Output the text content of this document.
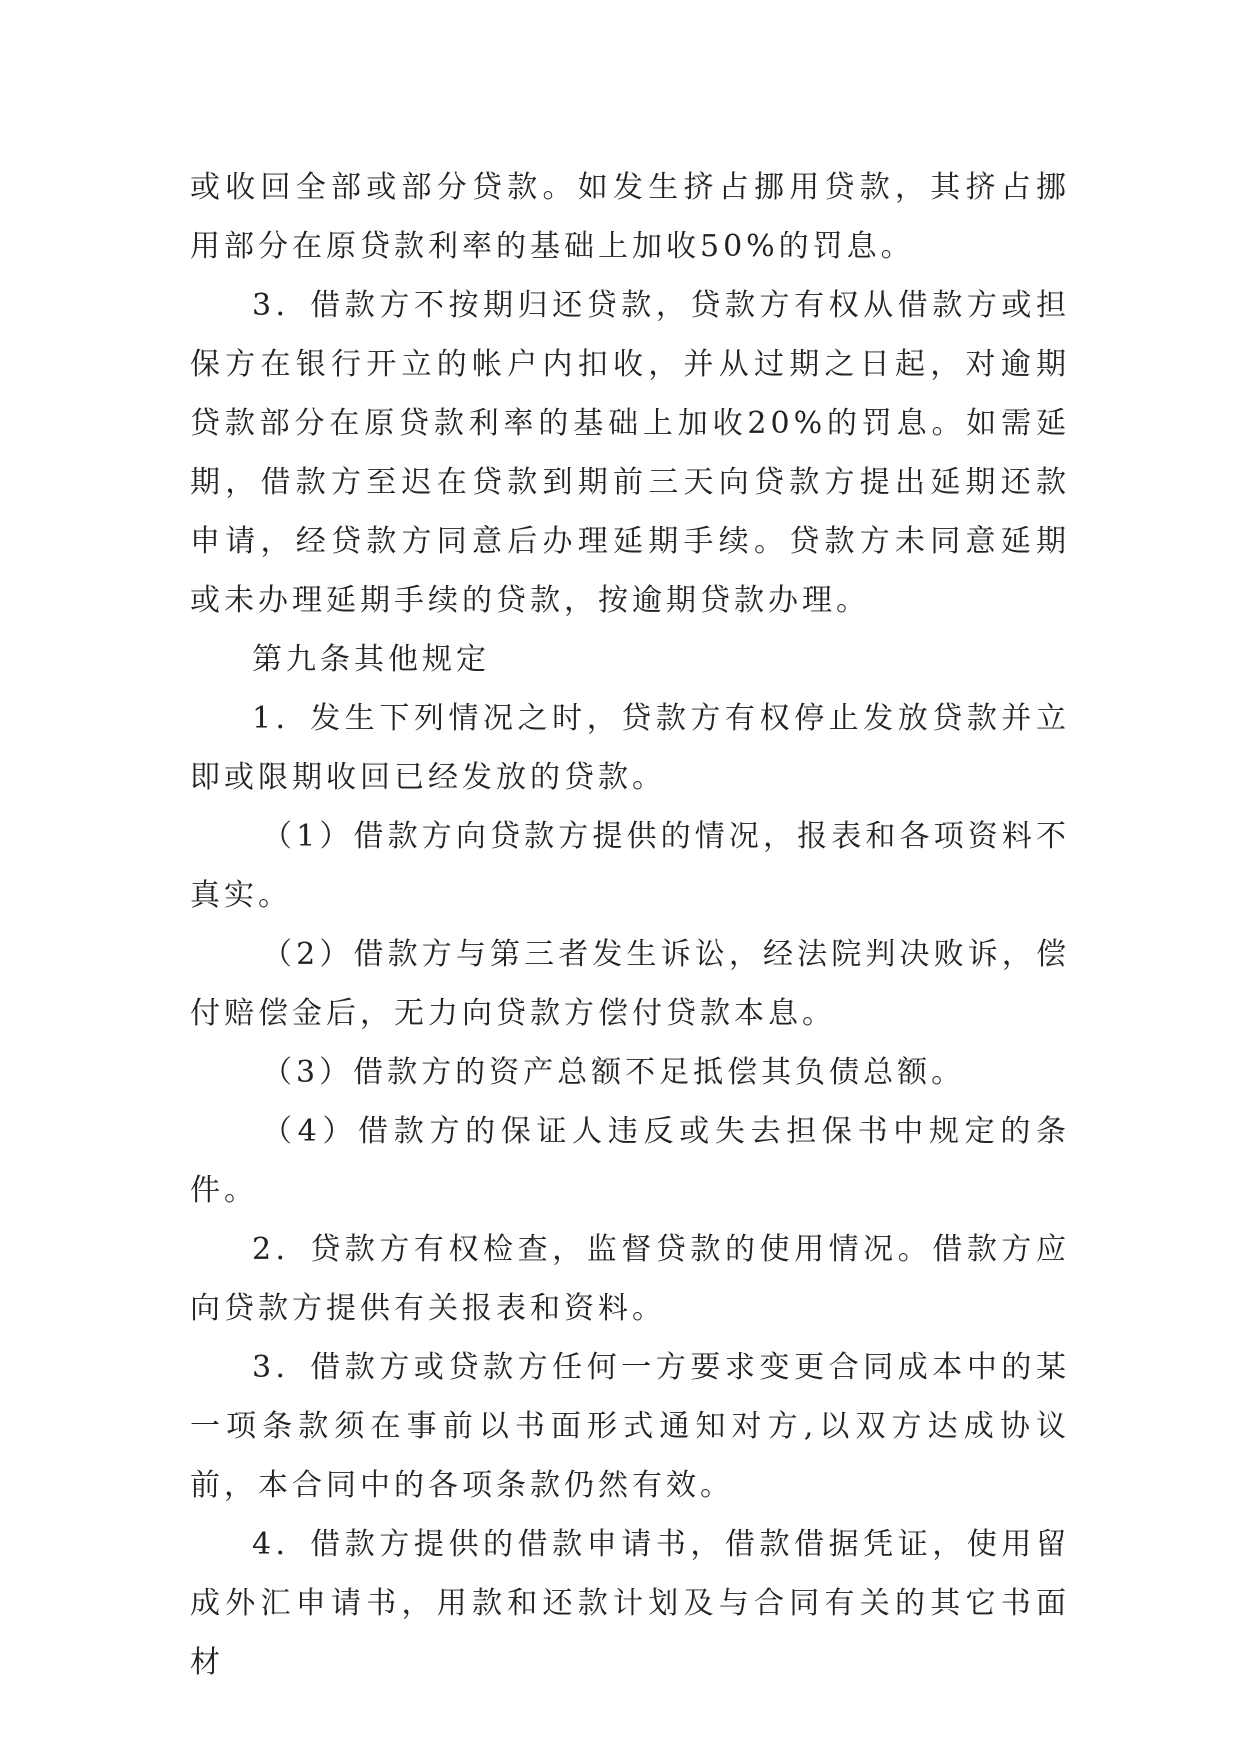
或收回全部或部分贷款。如发生挤占挪用贷款，其挤占挪用部分在原贷款利率的基础上加收50%的罚息。

3．借款方不按期归还贷款，贷款方有权从借款方或担保方在银行开立的帐户内扣收，并从过期之日起，对逾期贷款部分在原贷款利率的基础上加收20%的罚息。如需延期，借款方至迟在贷款到期前三天向贷款方提出延期还款申请，经贷款方同意后办理延期手续。贷款方未同意延期或未办理延期手续的贷款，按逾期贷款办理。

第九条其他规定

1．发生下列情况之时，贷款方有权停止发放贷款并立即或限期收回已经发放的贷款。

（1）借款方向贷款方提供的情况，报表和各项资料不真实。

（2）借款方与第三者发生诉讼，经法院判决败诉，偿付赔偿金后，无力向贷款方偿付贷款本息。

（3）借款方的资产总额不足抵偿其负债总额。

（4）借款方的保证人违反或失去担保书中规定的条件。

2．贷款方有权检查，监督贷款的使用情况。借款方应向贷款方提供有关报表和资料。

3．借款方或贷款方任何一方要求变更合同成本中的某一项条款须在事前以书面形式通知对方,以双方达成协议前，本合同中的各项条款仍然有效。

4．借款方提供的借款申请书，借款借据凭证，使用留成外汇申请书，用款和还款计划及与合同有关的其它书面材
